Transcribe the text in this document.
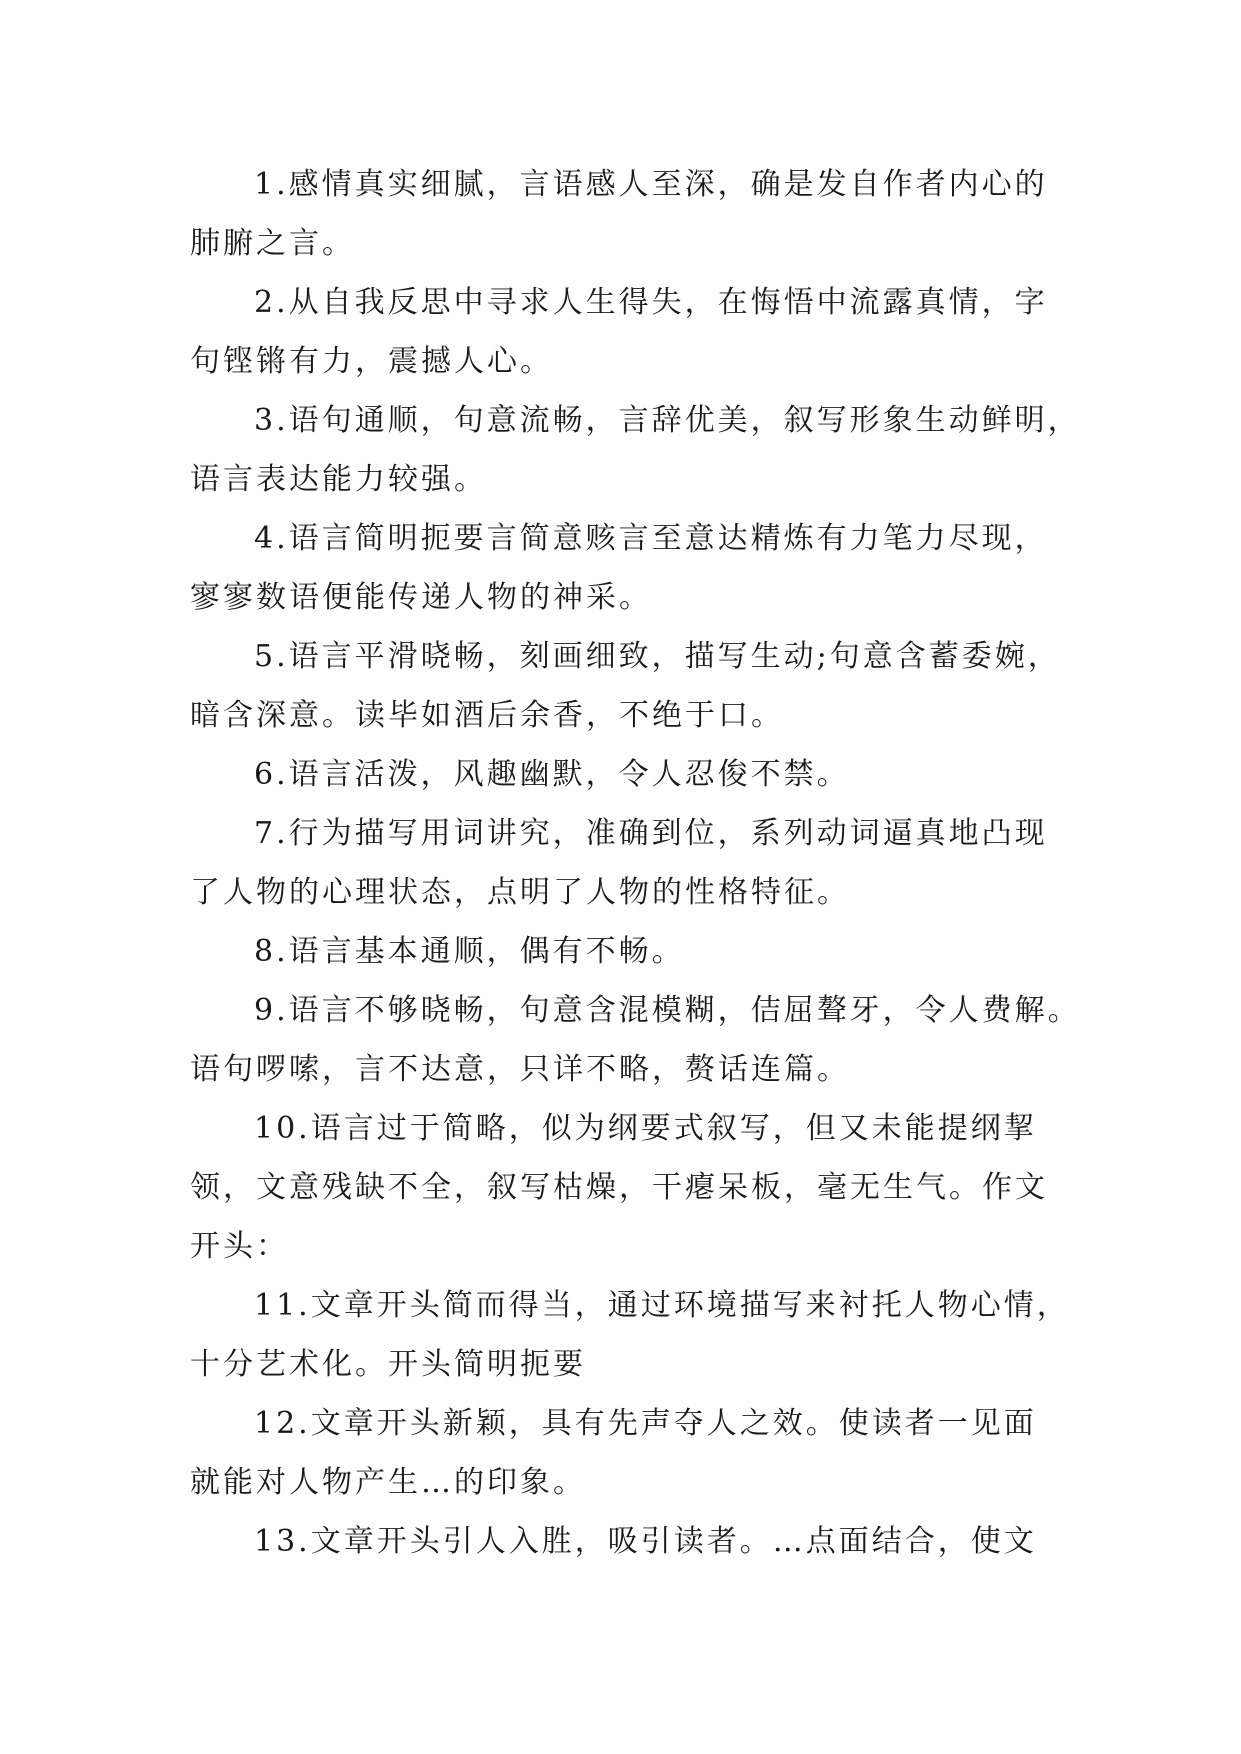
1.感情真实细腻，言语感人至深，确是发自作者内心的
肺腑之言。
2.从自我反思中寻求人生得失，在悔悟中流露真情，字
句铿锵有力，震撼人心。
3.语句通顺，句意流畅，言辞优美，叙写形象生动鲜明，
语言表达能力较强。
4.语言简明扼要言简意赅言至意达精炼有力笔力尽现，
寥寥数语便能传递人物的神采。
5.语言平滑晓畅，刻画细致，描写生动;句意含蓄委婉，
暗含深意。读毕如酒后余香，不绝于口。
6.语言活泼，风趣幽默，令人忍俊不禁。
7.行为描写用词讲究，准确到位，系列动词逼真地凸现
了人物的心理状态，点明了人物的性格特征。
8.语言基本通顺，偶有不畅。
9.语言不够晓畅，句意含混模糊，佶屈聱牙，令人费解。
语句啰嗦，言不达意，只详不略，赘话连篇。
10.语言过于简略，似为纲要式叙写，但又未能提纲挈
领，文意残缺不全，叙写枯燥，干瘪呆板，毫无生气。作文
开头：
11.文章开头简而得当，通过环境描写来衬托人物心情，
十分艺术化。开头简明扼要
12.文章开头新颖，具有先声夺人之效。使读者一见面
就能对人物产生…的印象。
13.文章开头引人入胜，吸引读者。…点面结合，使文
